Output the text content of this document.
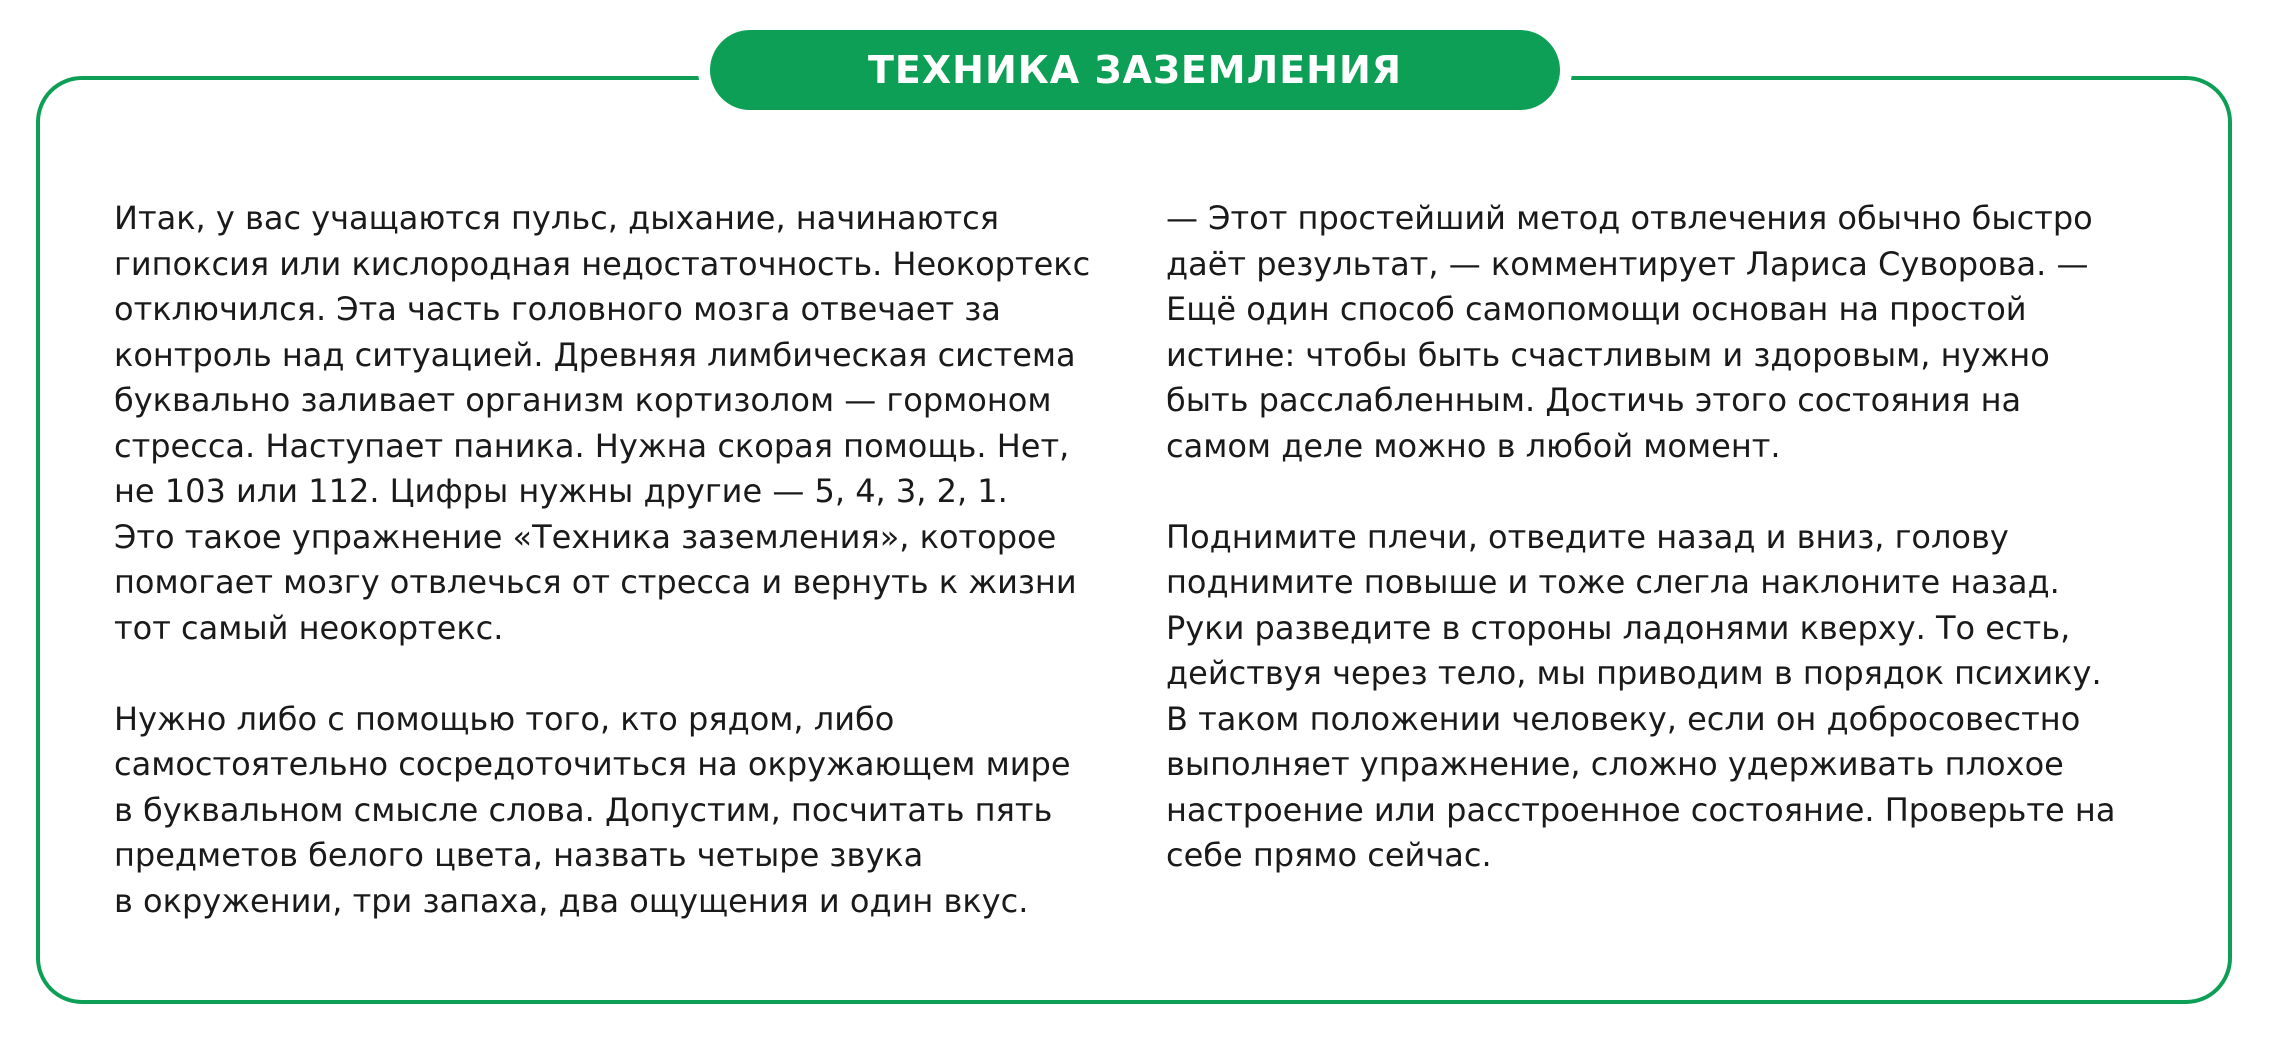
ТЕХНИКА ЗАЗЕМЛЕНИЯ

Итак, у вас учащаются пульс, дыхание, начинаются
гипоксия или кислородная недостаточность. Неокортекс
отключился. Эта часть головного мозга отвечает за
контроль над ситуацией. Древняя лимбическая система
буквально заливает организм кортизолом — гормоном
стресса. Наступает паника. Нужна скорая помощь. Нет,
не 103 или 112. Цифры нужны другие — 5, 4, 3, 2, 1.
Это такое упражнение «Техника заземления», которое
помогает мозгу отвлечься от стресса и вернуть к жизни
тот самый неокортекс.

Нужно либо с помощью того, кто рядом, либо
самостоятельно сосредоточиться на окружающем мире
в буквальном смысле слова. Допустим, посчитать пять
предметов белого цвета, назвать четыре звука
в окружении, три запаха, два ощущения и один вкус.

— Этот простейший метод отвлечения обычно быстро
даёт результат, — комментирует Лариса Суворова. —
Ещё один способ самопомощи основан на простой
истине: чтобы быть счастливым и здоровым, нужно
быть расслабленным. Достичь этого состояния на
самом деле можно в любой момент.

Поднимите плечи, отведите назад и вниз, голову
поднимите повыше и тоже слегла наклоните назад.
Руки разведите в стороны ладонями кверху. То есть,
действуя через тело, мы приводим в порядок психику.
В таком положении человеку, если он добросовестно
выполняет упражнение, сложно удерживать плохое
настроение или расстроенное состояние. Проверьте на
себе прямо сейчас.
